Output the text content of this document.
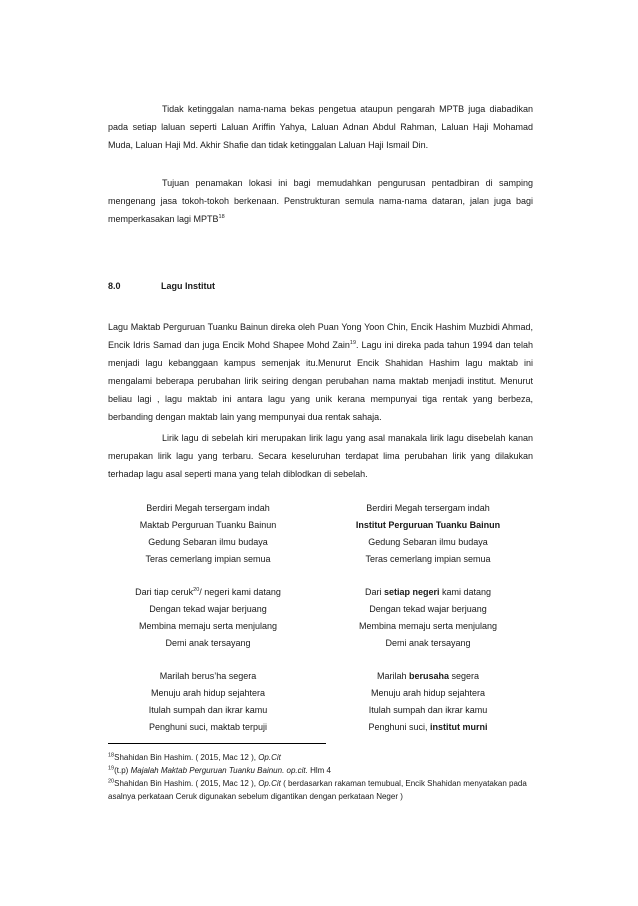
Tidak ketinggalan nama-nama bekas pengetua ataupun pengarah MPTB juga diabadikan pada setiap laluan seperti Laluan Ariffin Yahya, Laluan Adnan Abdul Rahman, Laluan Haji Mohamad Muda, Laluan Haji Md. Akhir Shafie dan tidak ketinggalan Laluan Haji Ismail Din.

Tujuan penamakan lokasi ini bagi memudahkan pengurusan pentadbiran di samping mengenang jasa tokoh-tokoh berkenaan. Penstrukturan semula nama-nama dataran, jalan juga bagi memperkasakan lagi MPTB$^{18}$

8.0	Lagu Institut

Lagu Maktab Perguruan Tuanku Bainun direka oleh Puan Yong Yoon Chin, Encik Hashim Muzbidi Ahmad, Encik Idris Samad dan juga Encik Mohd Shapee Mohd Zain$^{19}$. Lagu ini direka pada tahun 1994 dan telah menjadi lagu kebanggaan kampus semenjak itu.Menurut Encik Shahidan Hashim lagu maktab ini mengalami beberapa perubahan lirik seiring dengan perubahan nama maktab menjadi institut. Menurut beliau lagi , lagu maktab ini antara lagu yang unik kerana mempunyai tiga rentak yang berbeza, berbanding dengan maktab lain yang mempunyai dua rentak sahaja.

Lirik lagu di sebelah kiri merupakan lirik lagu yang asal manakala lirik lagu disebelah kanan merupakan lirik lagu yang terbaru. Secara keseluruhan terdapat lima perubahan lirik yang dilakukan terhadap lagu asal seperti mana yang telah diblodkan di sebelah.

Berdiri Megah tersergam indah
Maktab Perguruan Tuanku Bainun
Gedung Sebaran ilmu budaya
Teras cemerlang impian semua
Dari tiap ceruk$^{20}$/ negeri kami datang
Dengan tekad wajar berjuang
Membina memaju serta menjulang
Demi anak tersayang
Marilah berus’ha segera
Menuju arah hidup sejahtera
Itulah sumpah dan ikrar kamu
Penghuni suci, maktab terpuji
Berdiri Megah tersergam indah
Institut Perguruan Tuanku Bainun
Gedung Sebaran ilmu budaya
Teras cemerlang impian semua
Dari setiap negeri kami datang
Dengan tekad wajar berjuang
Membina memaju serta menjulang
Demi anak tersayang
Marilah berusaha segera
Menuju arah hidup sejahtera
Itulah sumpah dan ikrar kamu
Penghuni suci, institut murni
$^{18}$Shahidan Bin Hashim. ( 2015, Mac 12 ), Op.Cit
$^{19}$(t.p) Majalah Maktab Perguruan Tuanku Bainun. op.cit. Hlm 4
$^{20}$Shahidan Bin Hashim. ( 2015, Mac 12 ), Op.Cit ( berdasarkan rakaman temubual, Encik Shahidan menyatakan pada asalnya perkataan Ceruk digunakan sebelum digantikan dengan perkataan Neger )
